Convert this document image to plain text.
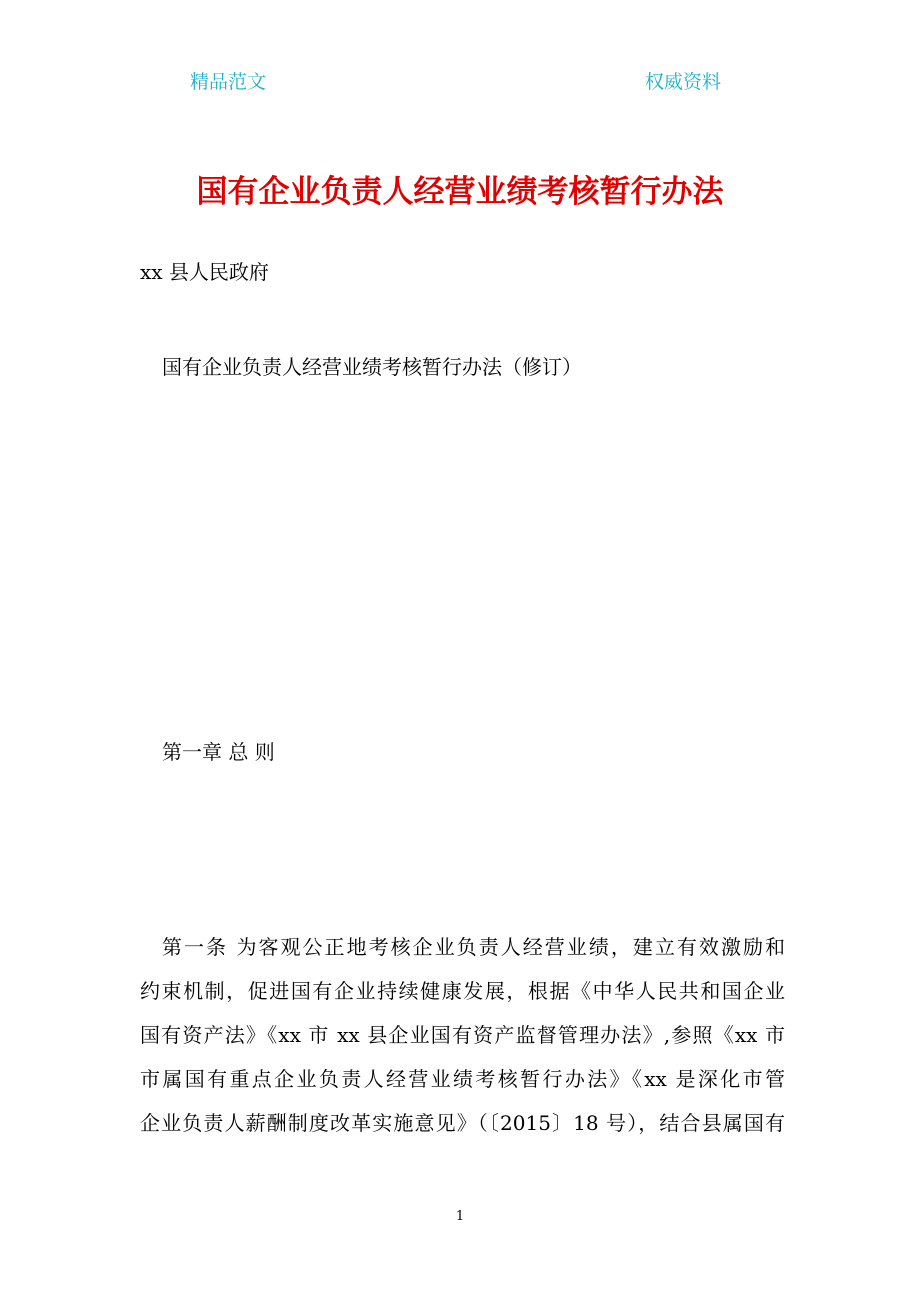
精品范文	权威资料
国有企业负责人经营业绩考核暂行办法
xx 县人民政府
国有企业负责人经营业绩考核暂行办法（修订）
第一章 总 则
第一条 为客观公正地考核企业负责人经营业绩，建立有效激励和
约束机制，促进国有企业持续健康发展，根据《中华人民共和国企业
国有资产法》《xx 市 xx 县企业国有资产监督管理办法》,参照《xx 市
市属国有重点企业负责人经营业绩考核暂行办法》《xx 是深化市管
企业负责人薪酬制度改革实施意见》（〔2015〕18 号），结合县属国有
1
